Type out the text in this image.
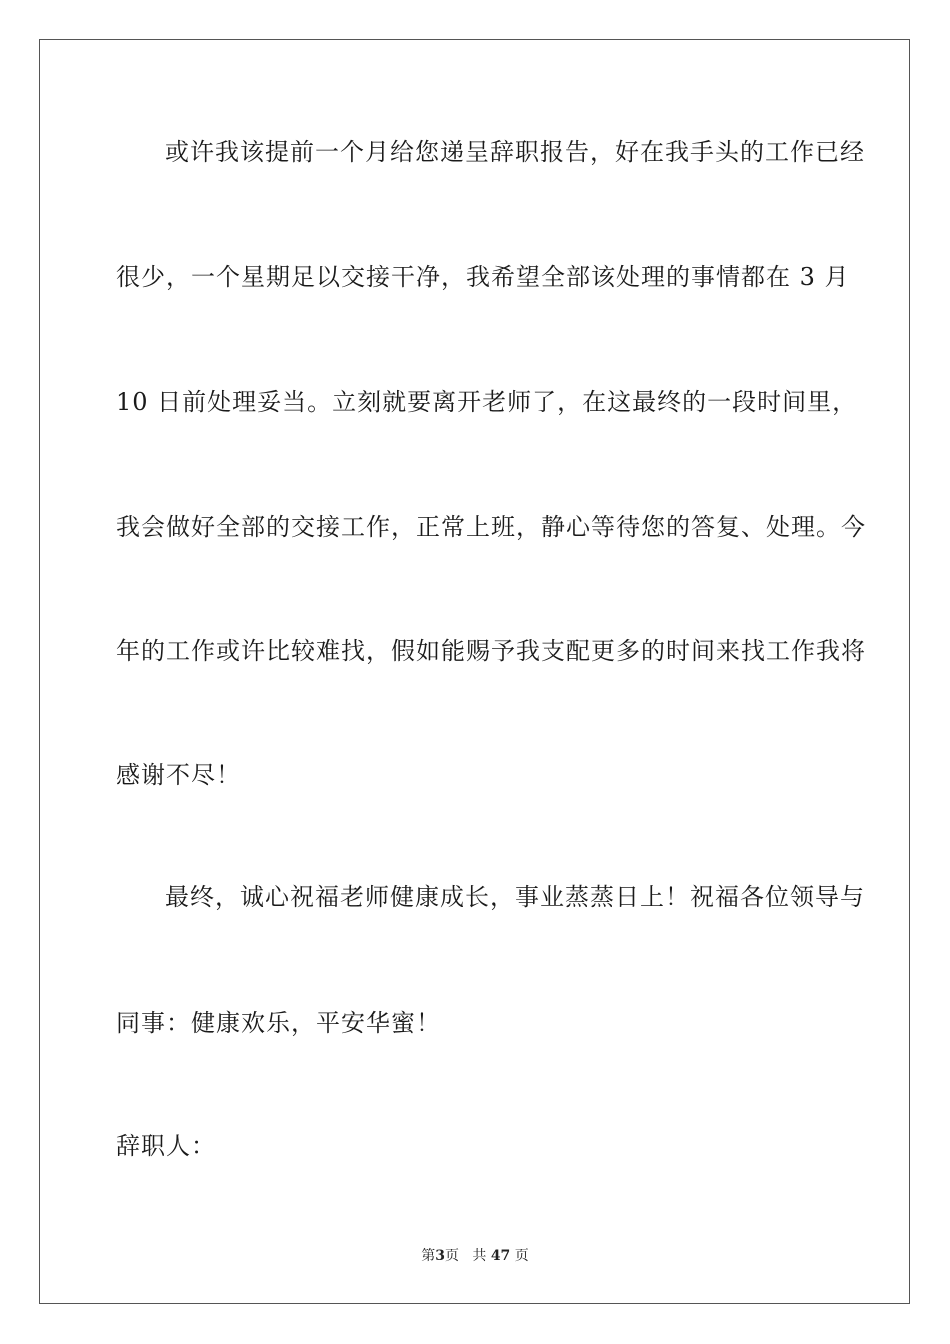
或许我该提前一个月给您递呈辞职报告，好在我手头的工作已经
很少，一个星期足以交接干净，我希望全部该处理的事情都在 3 月
10 日前处理妥当。立刻就要离开老师了，在这最终的一段时间里，
我会做好全部的交接工作，正常上班，静心等待您的答复、处理。今
年的工作或许比较难找，假如能赐予我支配更多的时间来找工作我将
感谢不尽！
最终，诚心祝福老师健康成长，事业蒸蒸日上！祝福各位领导与
同事：健康欢乐，平安华蜜！
辞职人：
第3页 共 47 页
